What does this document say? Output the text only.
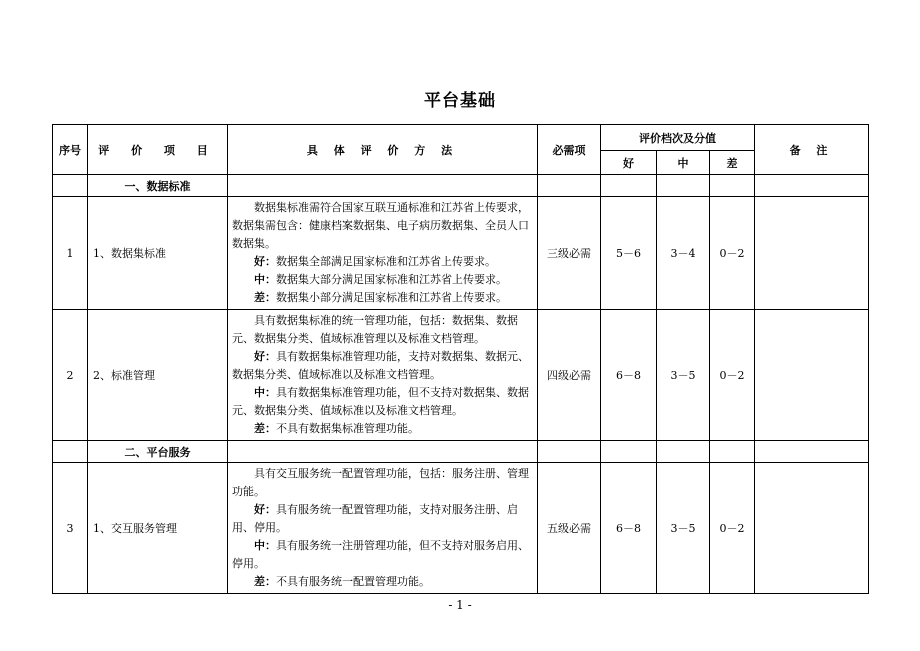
平台基础
序号	评 价 项 目	具 体 评 价 方 法	必需项	评价档次及分值			备 注
				好	中	差	
	一、数据标准						
1	1、数据集标准	数据集标准需符合国家互联互通标准和江苏省上传要求，数据集需包含：健康档案数据集、电子病历数据集、全员人口数据集。

好：数据集全部满足国家标准和江苏省上传要求。

中：数据集大部分满足国家标准和江苏省上传要求。

差：数据集小部分满足国家标准和江苏省上传要求。	三级必需	5－6	3－4	0－2	
2	2、标准管理	具有数据集标准的统一管理功能，包括：数据集、数据元、数据集分类、值域标准管理以及标准文档管理。

好：具有数据集标准管理功能，支持对数据集、数据元、数据集分类、值域标准以及标准文档管理。

中：具有数据集标准管理功能，但不支持对数据集、数据元、数据集分类、值域标准以及标准文档管理。

差：不具有数据集标准管理功能。	四级必需	6－8	3－5	0－2	
	二、平台服务						
3	1、交互服务管理	具有交互服务统一配置管理功能，包括：服务注册、管理功能。

好：具有服务统一配置管理功能，支持对服务注册、启用、停用。

中：具有服务统一注册管理功能，但不支持对服务启用、停用。

差：不具有服务统一配置管理功能。	五级必需	6－8	3－5	0－2	
- 1 -
